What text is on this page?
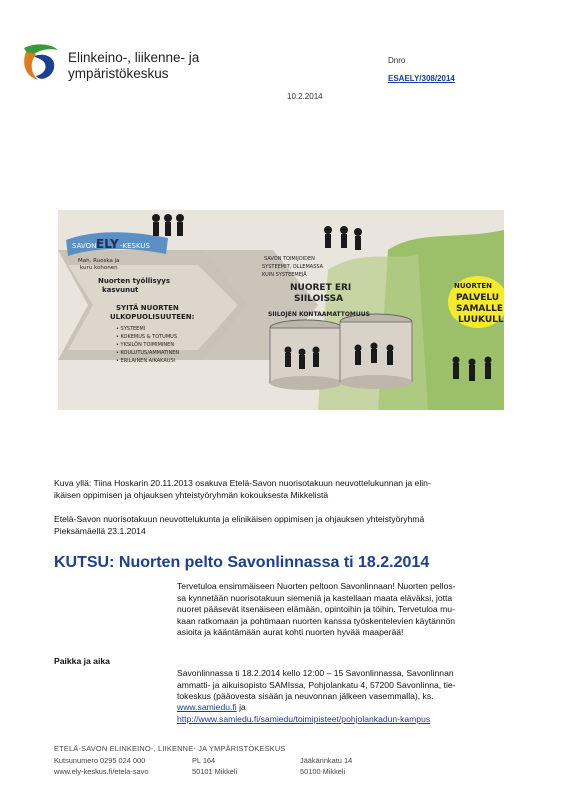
Elinkeino-, liikenne- ja
ympäristökeskus
Dnro
ESAELY/308/2014
10.2.2014
SAVON ELY -KESKUS
Mah. Ruoska ja
kuru kohonen
Nuorten työllisyys
kasvunut
SYITÄ NUORTEN
ULKOPUOLISUUTEEN:
• SYSTEEMI
• KOKEMUS & TOTUMUS
• YKSILÖN TOIMIMINEN
• KOULUTUS/AMMATINEN
• ERILAINEN AIKAKAUSI
SAVON TOIMIJOIDEN
SYSTEEMIT, OLLEMASSA
KUIN SYSTEEMEJÄ
NUORET ERI
SIILOISSA
SIILOJEN KONTAAMATTOMUUS
NUORTEN
PALVELU
SAMALLE
LUUKULL
Kuva yllä: Tiina Hoskarin 20.11.2013 osakuva Etelä-Savon nuorisotakuun neuvottelukunnan ja elin-
ikäisen oppimisen ja ohjauksen yhteistyöryhmän kokouksesta Mikkelistä
Etelä-Savon nuorisotakuun neuvottelukunta ja elinikäisen oppimisen ja ohjauksen yhteistyöryhmä
Pieksämäellä 23.1.2014
KUTSU: Nuorten pelto Savonlinnassa ti 18.2.2014
Tervetuloa ensimmäiseen Nuorten peltoon Savonlinnaan! Nuorten pellos-
sa kynnetään nuorisotakuun siemeniä ja kastellaan maata eläväksi, jotta
nuoret pääsevät itsenäiseen elämään, opintoihin ja töihin. Tervetuloa mu-
kaan ratkomaan ja pohtimaan nuorten kanssa työskentelevien käytännön
asioita ja kääntämään aurat kohti nuorten hyvää maaperää!
Paikka ja aika
Savonlinnassa ti 18.2.2014 kello 12:00 – 15 Savonlinnassa, Savonlinnan
ammatti- ja aikuisopisto SAMIssa, Pohjolankatu 4, 57200 Savonlinna, tie-
tokeskus (pääovesta sisään ja neuvonnan jälkeen vasemmalla), ks.
www.samiedu.fi ja
http://www.samiedu.fi/samiedu/toimipisteet/pohjolankadun-kampus
ETELÄ-SAVON ELINKEINO-, LIIKENNE- JA YMPÄRISTÖKESKUS
Kutsunumero 0295 024 000
www.ely-keskus.fi/etela-savo
PL 164
50101 Mikkeli
Jääkärinkatu 14
50100 Mikkeli
